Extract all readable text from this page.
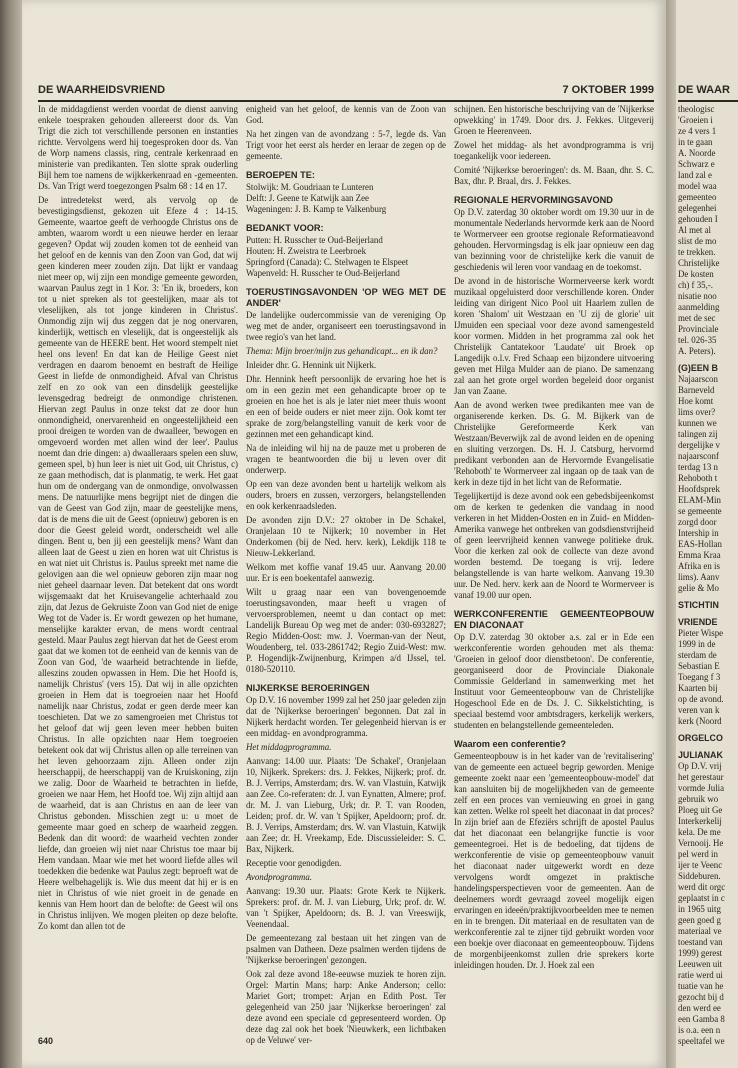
DE WAARHEIDSVRIEND	7 OKTOBER 1999

In de middagdienst werden voordat de dienst aanving enkele toespraken gehouden allereerst door ds. Van Trigt die zich tot verschillende personen en instanties richtte. Vervolgens werd hij toegesproken door ds. Van de Worp namens classis, ring, centrale kerkenraad en ministerie van predikanten. Ten slotte sprak ouderling Bijl hem toe namens de wijkkerkenraad en -gemeenten. Ds. Van Trigt werd toegezongen Psalm 68 : 14 en 17.

De intredetekst werd, als vervolg op de bevestigingsdienst, gekozen uit Efeze 4 : 14-15. Gemeente, waartoe geeft de verhoogde Christus ons de ambten, waarom wordt u een nieuwe herder en leraar gegeven? Opdat wij zouden komen tot de eenheid van het geloof en de kennis van den Zoon van God, dat wij geen kinderen meer zouden zijn. Dat lijkt er vandaag niet meer op, wij zijn een mondige gemeente geworden, waarvan Paulus zegt in 1 Kor. 3: 'En ik, broeders, kon tot u niet spreken als tot geestelijken, maar als tot vleselijken, als tot jonge kinderen in Christus'. Onmondig zijn wij dus zeggen dat je nog onervaren, kinderlijk, wettisch en vleselijk, dat is ongeestelijk als gemeente van de HEERE bent. Het woord stempelt niet heel ons leven! En dat kan de Heilige Geest niet verdragen en daarom benoemt en bestraft de Heilige Geest in liefde de onmondigheid. Afval van Christus zelf en zo ook van een dinsdelijk geestelijke levensgedrag bedreigt de onmondige christenen. Hiervan zegt Paulus in onze tekst dat ze door hun onmondigheid, onervarenheid en ongeestelijkheid een prooi dreigen te worden van de dwaalleer, 'bewogen en omgevoerd worden met allen wind der leer'. Paulus noemt dan drie dingen: a) dwaalleraars spelen een sluw, gemeen spel, b) hun leer is niet uit God, uit Christus, c) ze gaan methodisch, dat is planmatig, te werk. Het gaat hun om de ondergang van de onmondige, onvolwassen mens. De natuurlijke mens begrijpt niet de dingen die van de Geest van God zijn, maar de geestelijke mens, dat is de mens die uit de Geest (opnieuw) geboren is en door die Geest geleid wordt, onderscheidt wel alle dingen. Bent u, ben jij een geestelijk mens? Want dan alleen laat de Geest u zien en horen wat uit Christus is en wat niet uit Christus is. Paulus spreekt met name die gelovigen aan die wel opnieuw geboren zijn maar nog niet geheel daarnaar leven. Dat betekent dat ons wordt wijsgemaakt dat het Kruisevangelie achterhaald zou zijn, dat Jezus de Gekruiste Zoon van God niet de enige Weg tot de Vader is. Er wordt gewezen op het humane, menselijke karakter ervan, de mens wordt centraal gesteld. Maar Paulus zegt hiervan dat het de Geest erom gaat dat we komen tot de eenheid van de kennis van de Zoon van God, 'de waarheid betrachtende in liefde, alleszins zouden opwassen in Hem. Die het Hoofd is, namelijk Christus' (vers 15). Dat wij in alle opzichten groeien in Hem dat is toegroeien naar het Hoofd namelijk naar Christus, zodat er geen derde meer kan toeschieten. Dat we zo samengroeien met Christus tot het geloof dat wij geen leven meer hebben buiten Christus. In alle opzichten naar Hem toegroeien betekent ook dat wij Christus allen op alle terreinen van het leven gehoorzaam zijn. Alleen onder zijn heerschappij, de heerschappij van de Kruiskoning, zijn we zalig. Door de Waarheid te betrachten in liefde, groeien we naar Hem, het Hoofd toe. Wij zijn altijd aan de waarheid, dat is aan Christus en aan de leer van Christus gebonden. Misschien zegt u: u moet de gemeente maar goed en scherp de waarheid zeggen. Bedenk dan dit woord: de waarheid vechten zonder liefde, dan groeien wij niet naar Christus toe maar bij Hem vandaan. Maar wie met het woord liefde alles wil toedekken die bedenke wat Paulus zegt: beproeft wat de Heere welbehagelijk is. Wie dus meent dat hij er is en niet in Christus of wie niet groeit in de genade en kennis van Hem hoort dan de belofte: de Geest wil ons in Christus inlijven. We mogen pleiten op deze belofte. Zo komt dan allen tot de

enigheid van het geloof, de kennis van de Zoon van God.

Na het zingen van de avondzang : 5-7, legde ds. Van Trigt voor het eerst als herder en leraar de zegen op de gemeente.

BEROEPEN TE:
Stolwijk: M. Goudriaan te Lunteren
Delft: J. Geene te Katwijk aan Zee
Wageningen: J. B. Kamp te Valkenburg
BEDANKT VOOR:
Putten: H. Russcher te Oud-Beijerland
Houten: H. Zweistra te Leerbroek
Springford (Canada): C. Stelwagen te Elspeet
Wapenveld: H. Russcher te Oud-Beijerland
TOERUSTINGSAVONDEN 'OP WEG MET DE ANDER'

De landelijke oudercommissie van de vereniging Op weg met de ander, organiseert een toerustingsavond in twee regio's van het land.

Thema: Mijn broer/mijn zus gehandicapt... en ik dan?

Inleider dhr. G. Hennink uit Nijkerk.

Dhr. Hennink heeft persoonlijk de ervaring hoe het is om in een gezin met een gehandicapte broer op te groeien en hoe het is als je later niet meer thuis woont en een of beide ouders er niet meer zijn. Ook komt ter sprake de zorg/belangstelling vanuit de kerk voor de gezinnen met een gehandicapt kind.

Na de inleiding wil hij na de pauze met u proberen de vragen te beantwoorden die bij u leven over dit onderwerp.

Op een van deze avonden bent u hartelijk welkom als ouders, broers en zussen, verzorgers, belangstellenden en ook kerkenraadsleden.

De avonden zijn D.V.: 27 oktober in De Schakel, Oranjelaan 10 te Nijkerk; 10 november in Het Onderkomen (bij de Ned. herv. kerk), Lekdijk 118 te Nieuw-Lekkerland.

Welkom met koffie vanaf 19.45 uur. Aanvang 20.00 uur. Er is een boekentafel aanwezig.

Wilt u graag naar een van bovengenoemde toerustingsavonden, maar heeft u vragen of vervoersproblemen, neemt u dan contact op met: Landelijk Bureau Op weg met de ander: 030-6932827; Regio Midden-Oost: mw. J. Voerman-van der Neut, Woudenberg, tel. 033-2861742; Regio Zuid-West: mw. P. Hogendijk-Zwijnenburg, Krimpen a/d IJssel, tel. 0180-520110.

NIJKERKSE BEROERINGEN

Op D.V. 16 november 1999 zal het 250 jaar geleden zijn dat de 'Nijkerkse beroeringen' begonnen. Dat zal in Nijkerk herdacht worden. Ter gelegenheid hiervan is er een middag- en avondprogramma.

Het middagprogramma.

Aanvang: 14.00 uur. Plaats: 'De Schakel', Oranjelaan 10, Nijkerk. Sprekers: drs. J. Fekkes, Nijkerk; prof. dr. B. J. Verrips, Amsterdam; drs. W. van Vlastuin, Katwijk aan Zee. Co-referaten: dr. J. van Eynatten, Almere; prof. dr. M. J. van Lieburg, Urk; dr. P. T. van Rooden, Leiden; prof. dr. W. van 't Spijker, Apeldoorn; prof. dr. B. J. Verrips, Amsterdam; drs. W. van Vlastuin, Katwijk aan Zee; dr. H. Vreekamp, Ede. Discussieleider: S. C. Bax, Nijkerk.

Receptie voor genodigden.

Avondprogramma.

Aanvang: 19.30 uur. Plaats: Grote Kerk te Nijkerk. Sprekers: prof. dr. M. J. van Lieburg, Urk; prof. dr. W. van 't Spijker, Apeldoorn; ds. B. J. van Vreeswijk, Veenendaal.

De gemeentezang zal bestaan uit het zingen van de psalmen van Datheen. Deze psalmen werden tijdens de 'Nijkerkse beroeringen' gezongen.

Ook zal deze avond 18e-eeuwse muziek te horen zijn. Orgel: Martin Mans; harp: Anke Anderson; cello: Mariet Gort; trompet: Arjan en Edith Post. Ter gelegenheid van 250 jaar 'Nijkerkse beroeringen' zal deze avond een speciale cd gepresenteerd worden. Op deze dag zal ook het boek 'Nieuwkerk, een lichtbaken op de Veluwe' ver-

schijnen. Een historische beschrijving van de 'Nijkerkse opwekking' in 1749. Door drs. J. Fekkes. Uitgeverij Groen te Heerenveen.

Zowel het middag- als het avondprogramma is vrij toegankelijk voor iedereen.

Comité 'Nijkerkse beroeringen': ds. M. Baan, dhr. S. C. Bax, dhr. P. Braal, drs. J. Fekkes.

REGIONALE HERVORMINGSAVOND

Op D.V. zaterdag 30 oktober wordt om 19.30 uur in de monumentale Nederlands hervormde kerk aan de Noord te Wormerveer een grootse regionale Reformatieavond gehouden. Hervormingsdag is elk jaar opnieuw een dag van bezinning voor de christelijke kerk die vanuit de geschiedenis wil leren voor vandaag en de toekomst.

De avond in de historische Wormerveerse kerk wordt muzikaal opgeluisterd door verschillende koren. Onder leiding van dirigent Nico Pool uit Haarlem zullen de koren 'Shalom' uit Westzaan en 'U zij de glorie' uit IJmuiden een speciaal voor deze avond samengesteld koor vormen. Midden in het programma zal ook het Christelijk Cantatekoor 'Laudate' uit Broek op Langedijk o.l.v. Fred Schaap een bijzondere uitvoering geven met Hilga Mulder aan de piano. De samenzang zal aan het grote orgel worden begeleid door organist Jan van Zaane.

Aan de avond werken twee predikanten mee van de organiserende kerken. Ds. G. M. Bijkerk van de Christelijke Gereformeerde Kerk van Westzaan/Beverwijk zal de avond leiden en de opening en sluiting verzorgen. Ds. H. J. Catsburg, hervormd predikant verbonden aan de Hervormde Evangelisatie 'Rehoboth' te Wormerveer zal ingaan op de taak van de kerk in deze tijd in het licht van de Reformatie.

Tegelijkertijd is deze avond ook een gebedsbijeenkomst om de kerken te gedenken die vandaag in nood verkeren in het Midden-Oosten en in Zuid- en Midden-Amerika vanwege het ontbreken van godsdienstvrijheid of geen leervrijheid kennen vanwege politieke druk. Voor die kerken zal ook de collecte van deze avond worden bestemd. De toegang is vrij. Iedere belangstellende is van harte welkom. Aanvang 19.30 uur. De Ned. herv. kerk aan de Noord te Wormerveer is vanaf 19.00 uur open.

WERKCONFERENTIE GEMEENTEOPBOUW EN DIACONAAT

Op D.V. zaterdag 30 oktober a.s. zal er in Ede een werkconferentie worden gehouden met als thema: 'Groeien in geloof door dienstbetoon'. De conferentie, georganiseerd door de Provinciale Diakonale Commissie Gelderland in samenwerking met het Instituut voor Gemeenteopbouw van de Christelijke Hogeschool Ede en de Ds. J. C. Sikkelstichting, is speciaal bestemd voor ambtsdragers, kerkelijk werkers, studenten en belangstellende gemeenteleden.

Waarom een conferentie?

Gemeenteopbouw is in het kader van de 'revitalisering' van de gemeente een actueel begrip geworden. Menige gemeente zoekt naar een 'gemeenteopbouw-model' dat kan aansluiten bij de mogelijkheden van de gemeente zelf en een proces van vernieuwing en groei in gang kan zetten. Welke rol speelt het diaconaat in dat proces? In zijn brief aan de Efeziërs schrijft de apostel Paulus dat het diaconaat een belangrijke functie is voor gemeentegroei. Het is de bedoeling, dat tijdens de werkconferentie de visie op gemeenteopbouw vanuit het diaconaat nader uitgewerkt wordt en deze vervolgens wordt omgezet in praktische handelingsperspectieven voor de gemeenten. Aan de deelnemers wordt gevraagd zoveel mogelijk eigen ervaringen en ideeën/praktijkvoorbeelden mee te nemen en in te brengen. Dit materiaal en de resultaten van de werkconferentie zal te zijner tijd gebruikt worden voor een boekje over diaconaat en gemeenteopbouw. Tijdens de morgenbijeenkomst zullen drie sprekers korte inleidingen houden. Dr. J. Hoek zal een

640
DE WAAR
theologisc
'Groeien i
ze 4 vers 1
in te gaan
A. Noorde
Schwarz e
land zal e
model waa
gemeenteo
gelegenhei
gehouden I
Al met al
slist de mo
te trekken.
Christelijke
De kosten
ch) f 35,-.
nisatie noo
aanmelding
met de sec
Provinciale
tel. 026-35
A. Peters).
(G)EEN B
Najaarscon
Barneveld
Hoe komt
lims over?
kunnen we
talingen zij
dergelijke v
najaarsconf
terdag 13 n
Rehoboth t
Hoofdsprek
ELAM-Min
se gemeente
zorgd door
Intership in
EAS-Hollan
Emma Kraa
Afrika en is
lims). Aanv
gelie & Mo
STICHTIN
VRIENDE
Pieter Wispe
1999 in de
sterdam de
Sebastian E
Toegang f 3
Kaarten bij
op de avond.
veren van k
kerk (Noord
ORGELCO
JULIANAK
Op D.V. vrij
het gerestaur
vormde Julia
gebruik wo
Ploeg uit Ge
Interkerkelij
kela. De me
Vernooij. He
pel werd in
ijer te Veenc
Siddeburen.
werd dit orgc
geplaatst in c
in 1965 uitg
geen goed g
materiaal ve
toestand van
1999) gerest
Leeuwen uit
ratie werd ui
tuatie van he
gezocht bij d
den werd ee
een Gamba 8
is o.a. een n
speeltafel we
